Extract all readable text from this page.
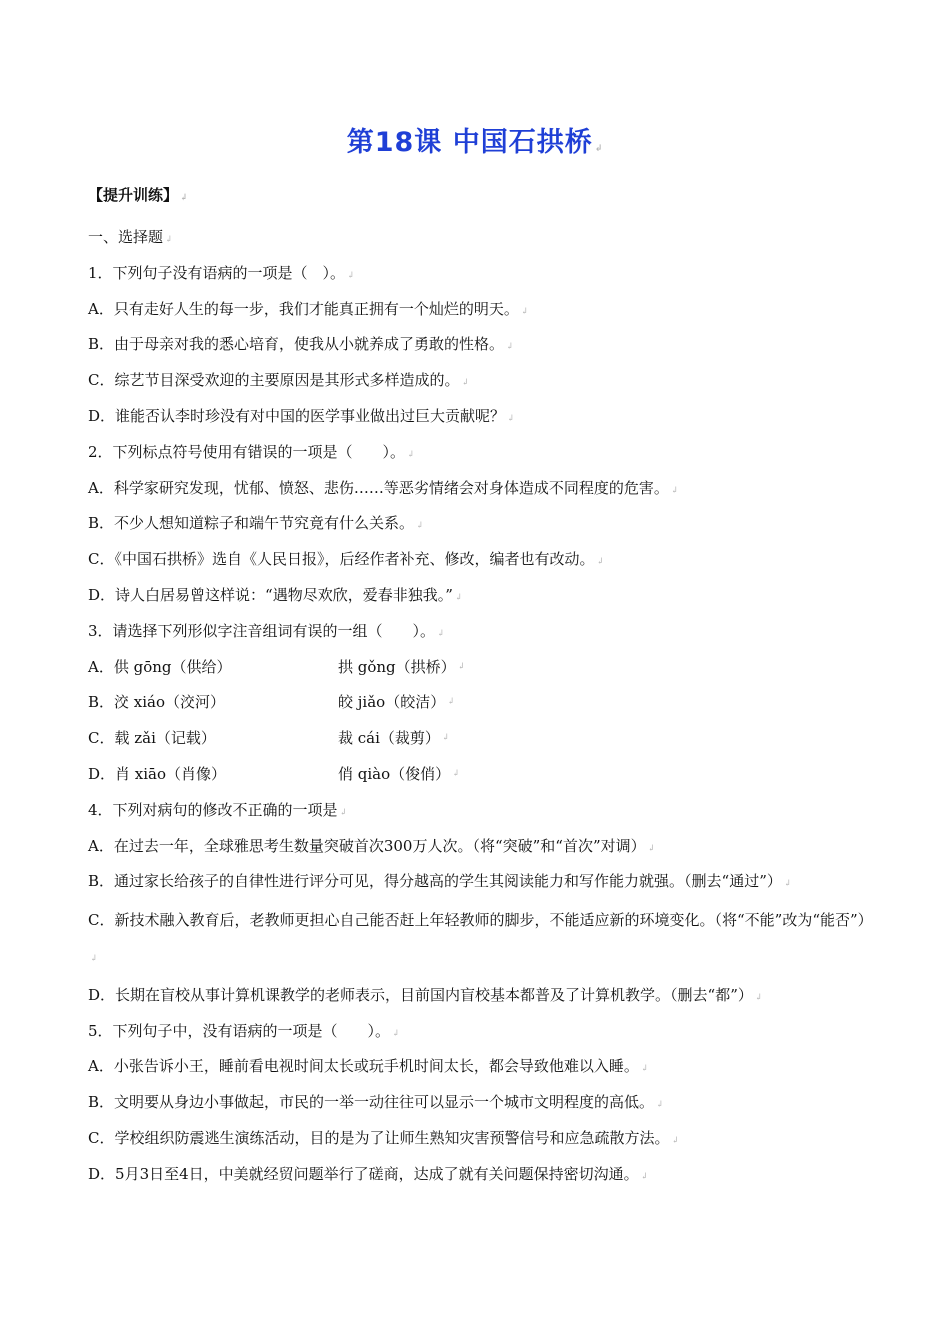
第18课 中国石拱桥 ↲
【提升训练】 ↲
一、选择题 ↲
1．下列句子没有语病的一项是（　）。 ↲
A．只有走好人生的每一步，我们才能真正拥有一个灿烂的明天。 ↲
B．由于母亲对我的悉心培育，使我从小就养成了勇敢的性格。 ↲
C．综艺节目深受欢迎的主要原因是其形式多样造成的。 ↲
D．谁能否认李时珍没有对中国的医学事业做出过巨大贡献呢？ ↲
2．下列标点符号使用有错误的一项是（　　）。 ↲
A．科学家研究发现，忧郁、愤怒、悲伤……等恶劣情绪会对身体造成不同程度的危害。 ↲
B．不少人想知道粽子和端午节究竟有什么关系。 ↲
C．《中国石拱桥》选自《人民日报》，后经作者补充、修改，编者也有改动。 ↲
D．诗人白居易曾这样说：“遇物尽欢欣，爱春非独我。” ↲
3．请选择下列形似字注音组词有误的一组（　　）。 ↲
A．供 gōng（供给）	拱 gǒng（拱桥） ↲
B．洨 xiáo（洨河）	皎 jiǎo（皎洁） ↲
C．载 zǎi（记载）	裁 cái（裁剪） ↲
D．肖 xiāo（肖像）	俏 qiào（俊俏） ↲
4．下列对病句的修改不正确的一项是 ↲
A．在过去一年，全球雅思考生数量突破首次300万人次。（将“突破”和“首次”对调） ↲
B．通过家长给孩子的自律性进行评分可见，得分越高的学生其阅读能力和写作能力就强。（删去“通过”） ↲
C．新技术融入教育后，老教师更担心自己能否赶上年轻教师的脚步，不能适应新的环境变化。（将“不能”改为“能否”）↲
D．长期在盲校从事计算机课教学的老师表示，目前国内盲校基本都普及了计算机教学。（删去“都”） ↲
5．下列句子中，没有语病的一项是（　　）。 ↲
A．小张告诉小王，睡前看电视时间太长或玩手机时间太长，都会导致他难以入睡。 ↲
B．文明要从身边小事做起，市民的一举一动往往可以显示一个城市文明程度的高低。 ↲
C．学校组织防震逃生演练活动，目的是为了让师生熟知灾害预警信号和应急疏散方法。 ↲
D．5月3日至4日，中美就经贸问题举行了磋商，达成了就有关问题保持密切沟通。 ↲
